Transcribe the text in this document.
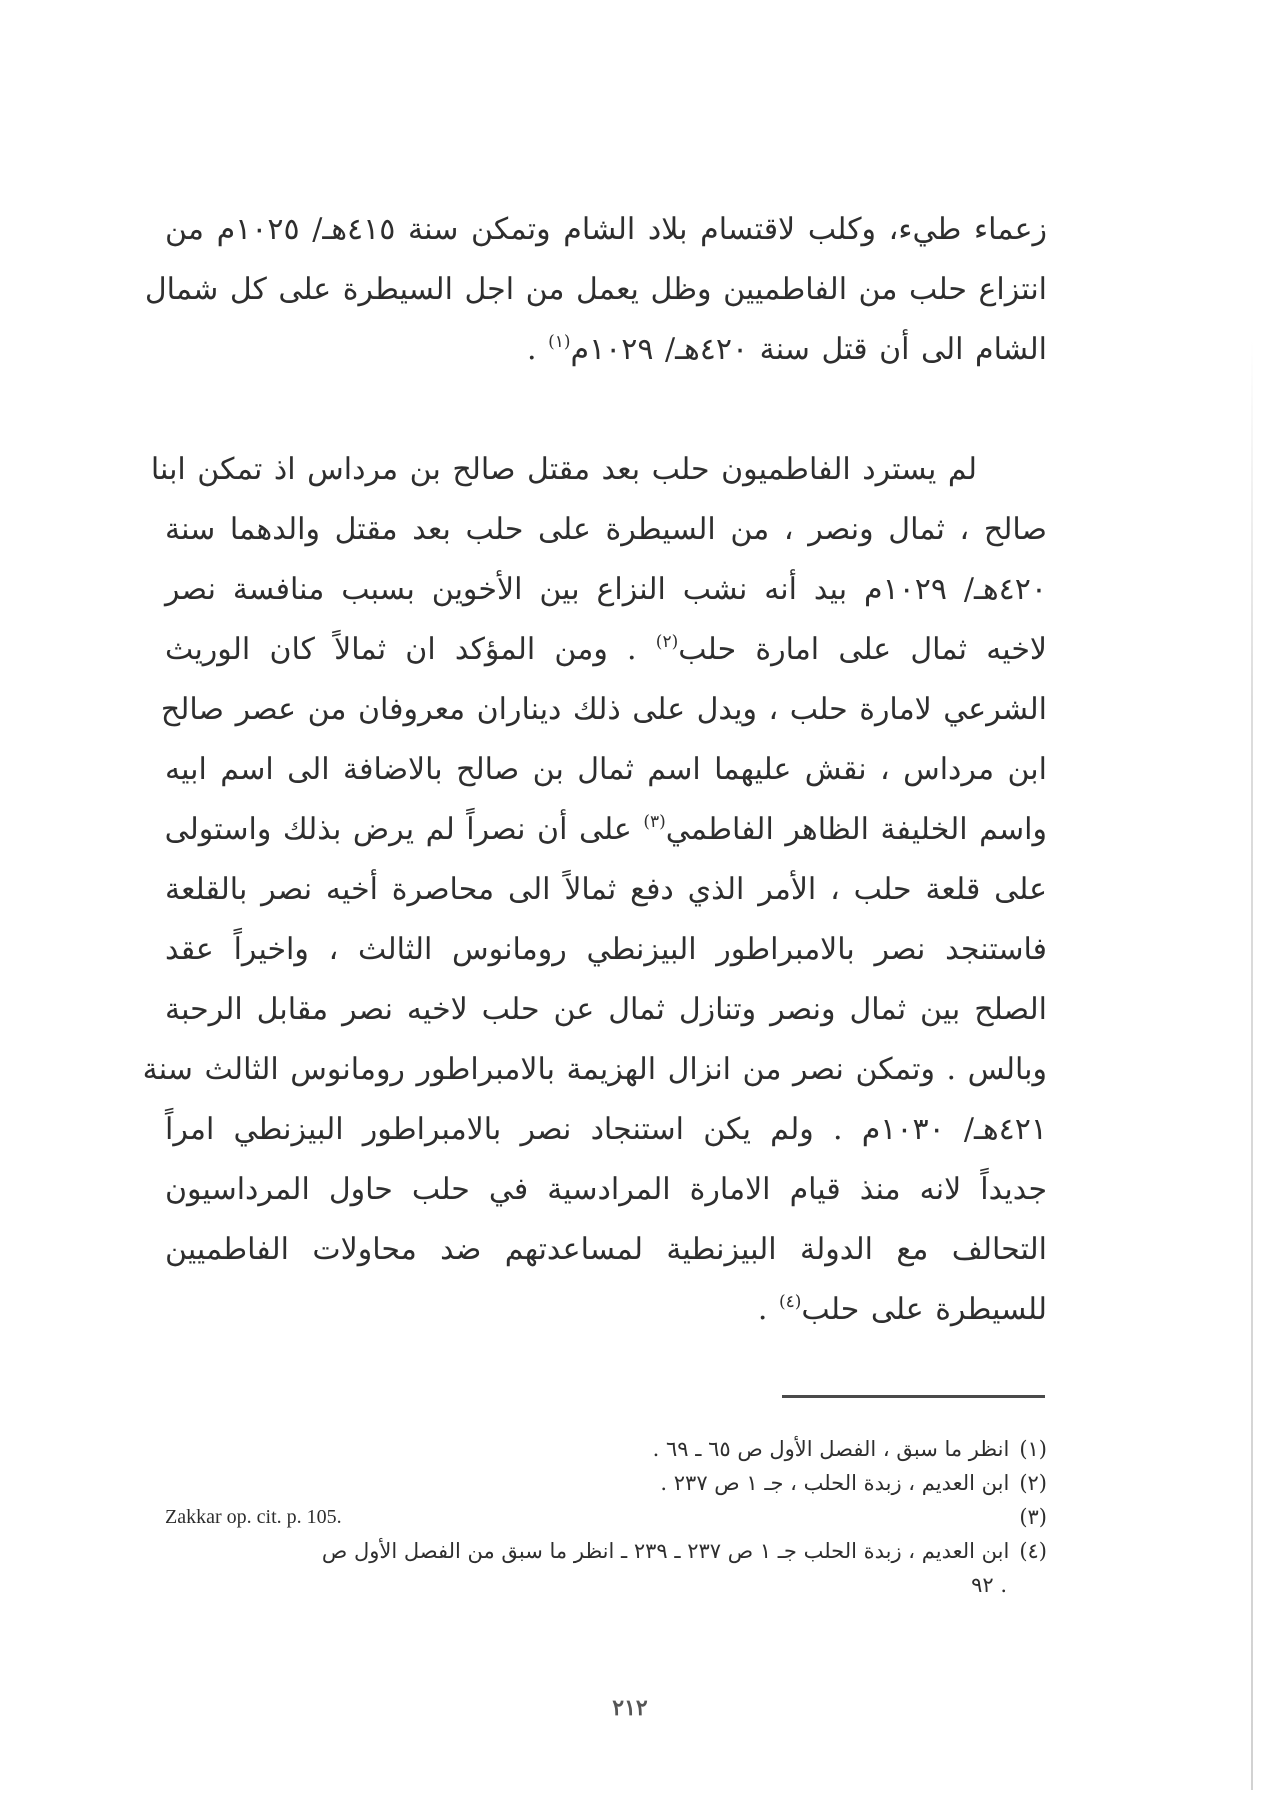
زعماء طيء، وكلب لاقتسام بلاد الشام وتمكن سنة ٤١٥هـ/ ١٠٢٥م من
انتزاع حلب من الفاطميين وظل يعمل من اجل السيطرة على كل شمال
الشام الى أن قتل سنة ٤٢٠هـ/ ١٠٢٩م$^{(١)}$ .
لم يسترد الفاطميون حلب بعد مقتل صالح بن مرداس اذ تمكن ابنا
صالح ، ثمال ونصر ، من السيطرة على حلب بعد مقتل والدهما سنة
٤٢٠هـ/ ١٠٢٩م بيد أنه نشب النزاع بين الأخوين بسبب منافسة نصر
لاخيه ثمال على امارة حلب$^{(٢)}$ . ومن المؤكد ان ثمالاً كان الوريث
الشرعي لامارة حلب ، ويدل على ذلك ديناران معروفان من عصر صالح
ابن مرداس ، نقش عليهما اسم ثمال بن صالح بالاضافة الى اسم ابيه
واسم الخليفة الظاهر الفاطمي$^{(٣)}$ على أن نصراً لم يرض بذلك واستولى
على قلعة حلب ، الأمر الذي دفع ثمالاً الى محاصرة أخيه نصر بالقلعة
فاستنجد نصر بالامبراطور البيزنطي رومانوس الثالث ، واخيراً عقد
الصلح بين ثمال ونصر وتنازل ثمال عن حلب لاخيه نصر مقابل الرحبة
وبالس . وتمكن نصر من انزال الهزيمة بالامبراطور رومانوس الثالث سنة
٤٢١هـ/ ١٠٣٠م . ولم يكن استنجاد نصر بالامبراطور البيزنطي امراً
جديداً لانه منذ قيام الامارة المرادسية في حلب حاول المرداسيون
التحالف مع الدولة البيزنطية لمساعدتهم ضد محاولات الفاطميين
للسيطرة على حلب$^{(٤)}$ .
(١)انظر ما سبق ، الفصل الأول ص ٦٥ ـ ٦٩ .
(٢)ابن العديم ، زبدة الحلب ، جـ ١ ص ٢٣٧ .
(٣)
Zakkar op. cit. p. 105.
(٤)ابن العديم ، زبدة الحلب جـ ١ ص ٢٣٧ ـ ٢٣٩ ـ انظر ما سبق من الفصل الأول ص
. ٩٢
٢١٢
